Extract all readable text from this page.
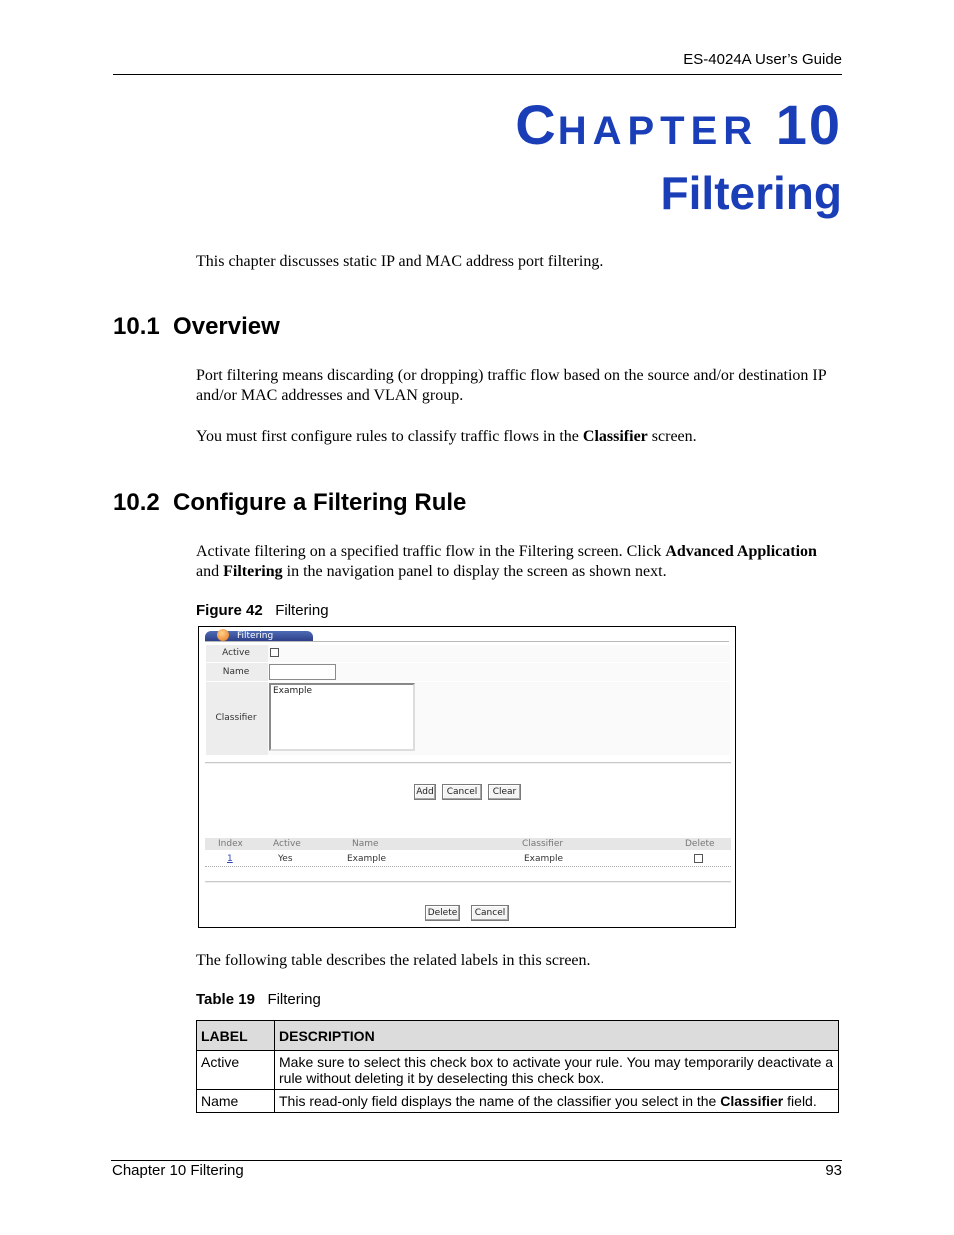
ES-4024A User’s Guide
CHAPTER 10
Filtering
This chapter discusses static IP and MAC address port filtering.
10.1  Overview
Port filtering means discarding (or dropping) traffic flow based on the source and/or destination IP and/or MAC addresses and VLAN group.
You must first configure rules to classify traffic flows in the Classifier screen.
10.2  Configure a Filtering Rule
Activate filtering on a specified traffic flow in the Filtering screen. Click Advanced Application and Filtering in the navigation panel to display the screen as shown next.
Figure 42 Filtering
Filtering
Active
Name
Classifier
Example
Add	Cancel	Clear
Index	Active	Name	Classifier	Delete
1	Yes	Example	Example
Delete	Cancel
The following table describes the related labels in this screen.
Table 19 Filtering
LABEL	DESCRIPTION
Active	Make sure to select this check box to activate your rule. You may temporarily deactivate a rule without deleting it by deselecting this check box.
Name	This read-only field displays the name of the classifier you select in the Classifier field.
Chapter 10 Filtering	93
